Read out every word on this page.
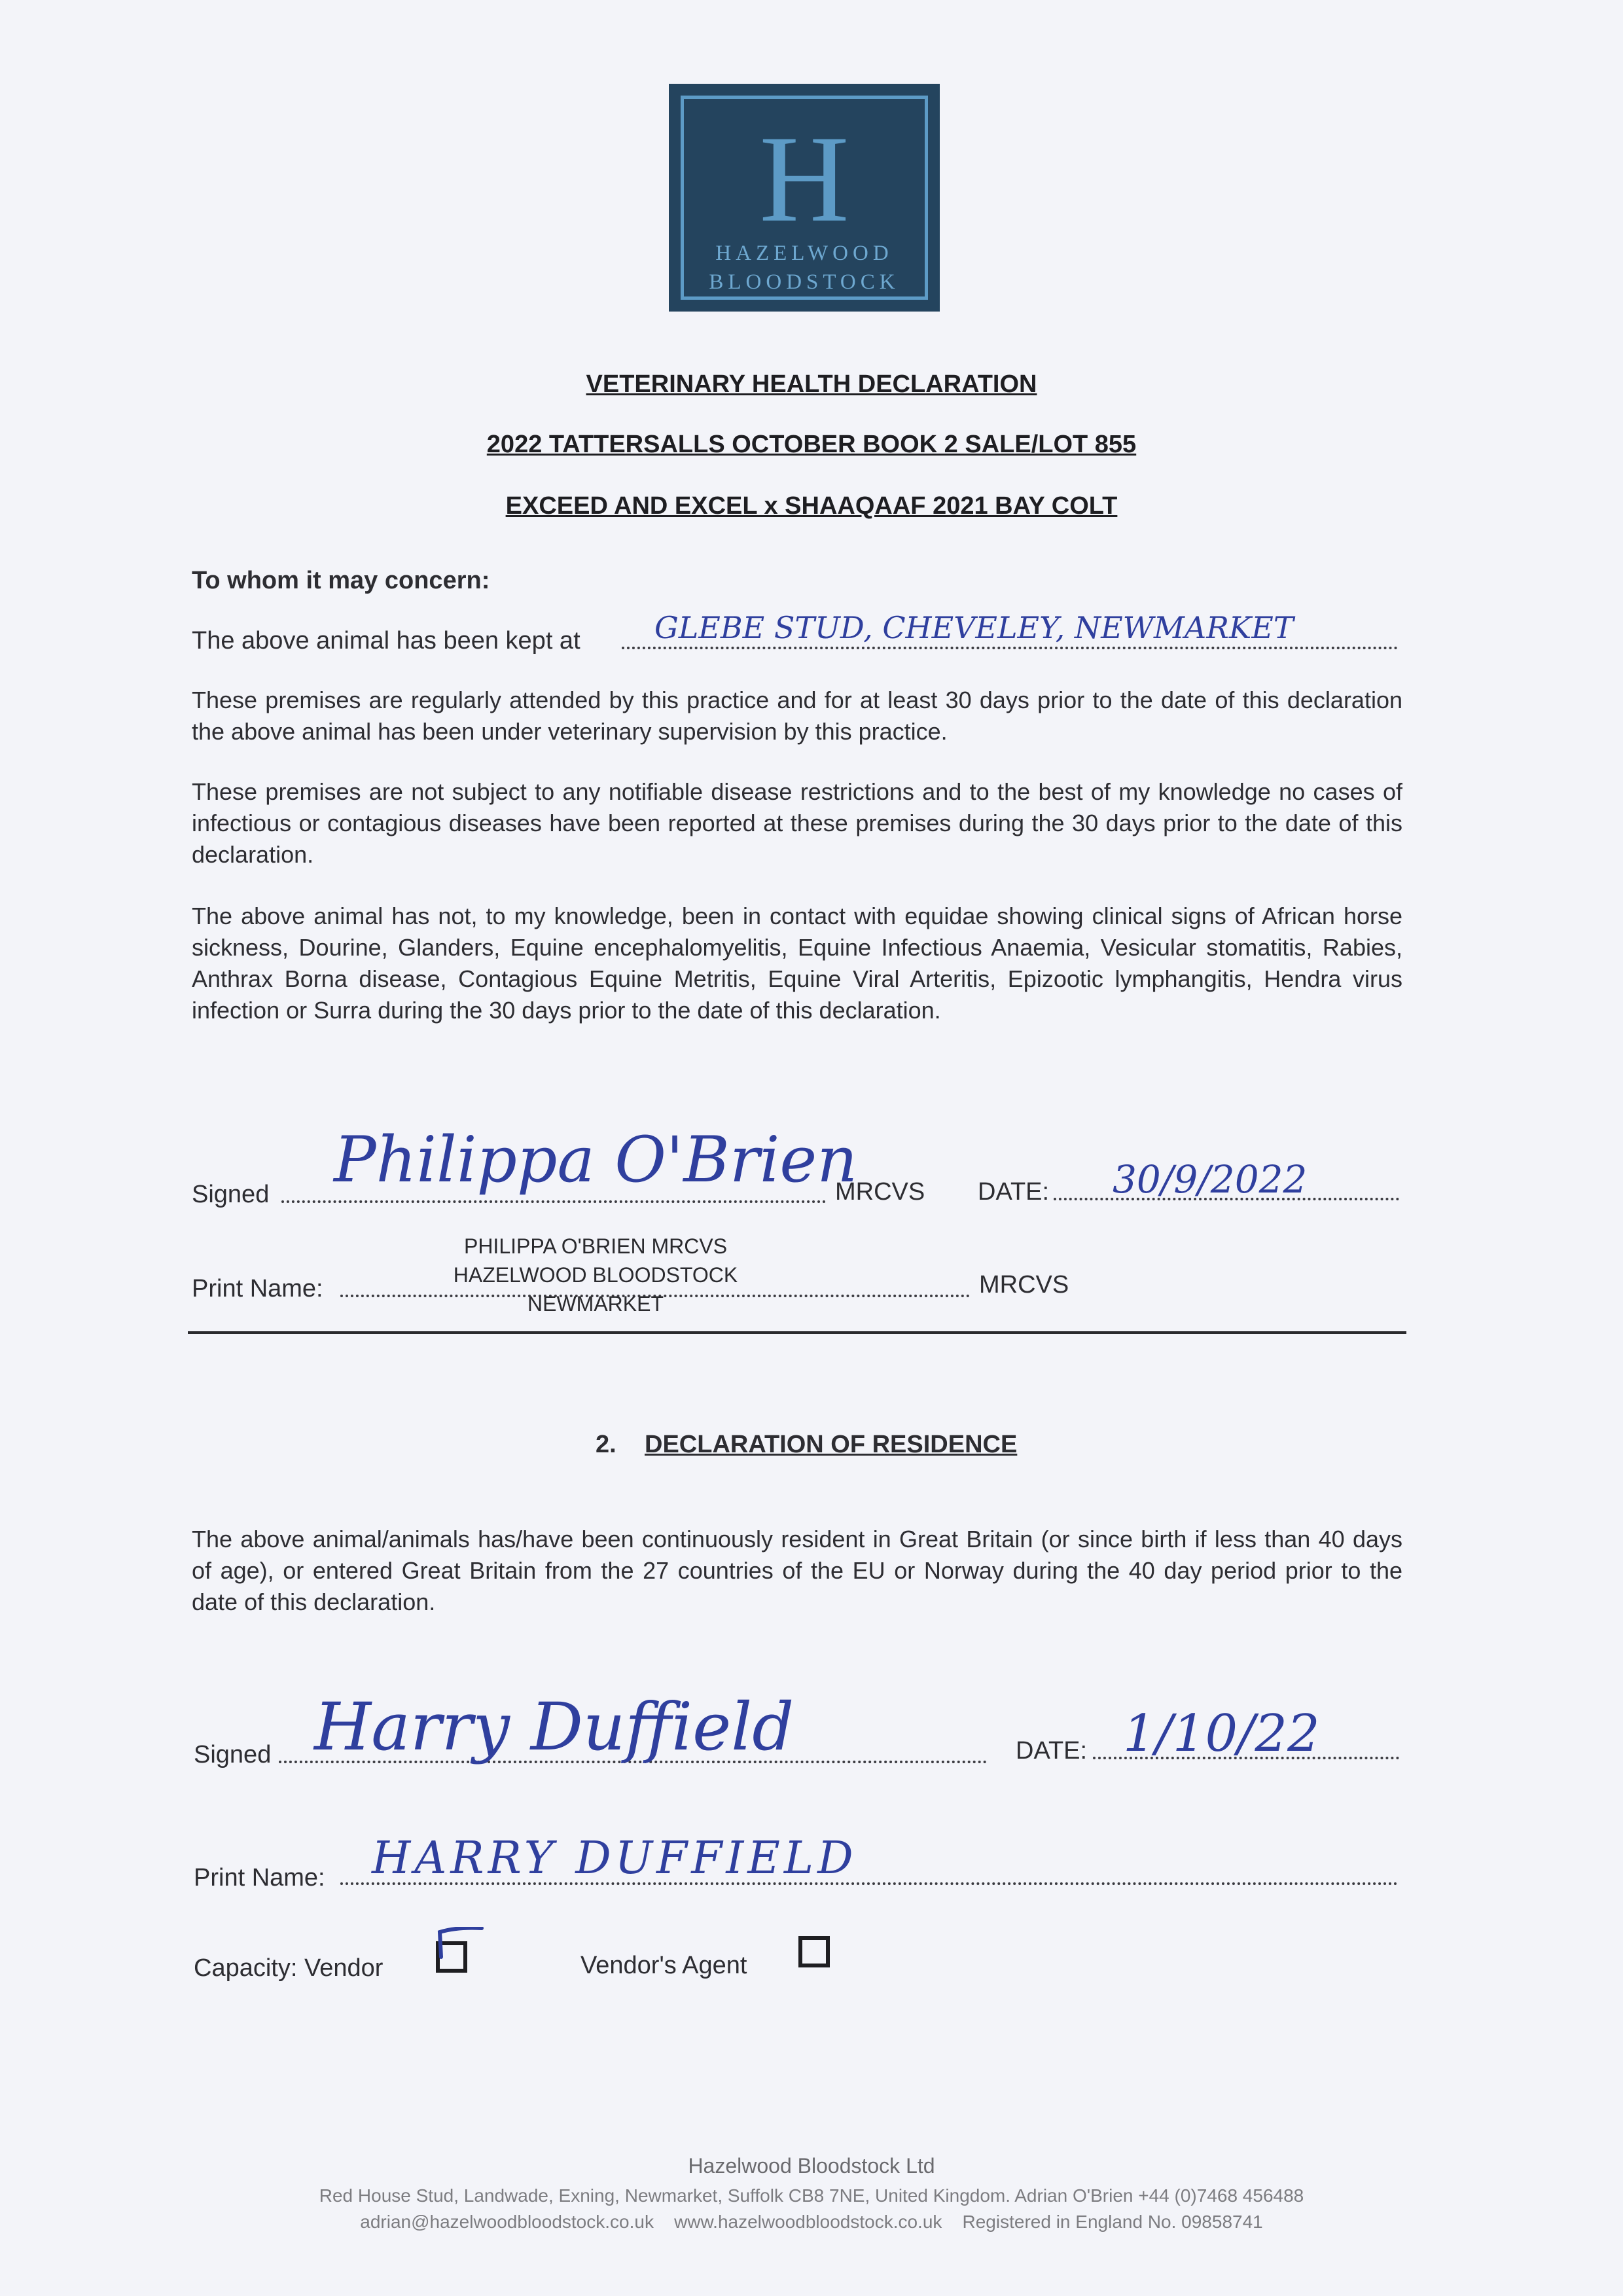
H
HAZELWOOD
BLOODSTOCK
VETERINARY HEALTH DECLARATION
2022 TATTERSALLS OCTOBER BOOK 2 SALE/LOT 855
EXCEED AND EXCEL x SHAAQAAF 2021 BAY COLT
To whom it may concern:
The above animal has been kept at GLEBE STUD, CHEVELEY, NEWMARKET
These premises are regularly attended by this practice and for at least 30 days prior to the date of this declaration the above animal has been under veterinary supervision by this practice.
These premises are not subject to any notifiable disease restrictions and to the best of my knowledge no cases of infectious or contagious diseases have been reported at these premises during the 30 days prior to the date of this declaration.
The above animal has not, to my knowledge, been in contact with equidae showing clinical signs of African horse sickness, Dourine, Glanders, Equine encephalomyelitis, Equine Infectious Anaemia, Vesicular stomatitis, Rabies, Anthrax Borna disease, Contagious Equine Metritis, Equine Viral Arteritis, Epizootic lymphangitis, Hendra virus infection or Surra during the 30 days prior to the date of this declaration.
Signed Philippa O'Brien
MRCVS DATE: 30/9/2022
Print Name:
PHILIPPA O'BRIEN MRCVS
HAZELWOOD BLOODSTOCK
NEWMARKET
MRCVS
2. DECLARATION OF RESIDENCE
The above animal/animals has/have been continuously resident in Great Britain (or since birth if less than 40 days of age), or entered Great Britain from the 27 countries of the EU or Norway during the 40 day period prior to the date of this declaration.
Signed Harry Duffield	DATE: 1/10/22
Print Name: HARRY DUFFIELD
Capacity: Vendor	Vendor's Agent
Hazelwood Bloodstock Ltd
Red House Stud, Landwade, Exning, Newmarket, Suffolk CB8 7NE, United Kingdom. Adrian O'Brien +44 (0)7468 456488
adrian@hazelwoodbloodstock.co.uk    www.hazelwoodbloodstock.co.uk    Registered in England No. 09858741
